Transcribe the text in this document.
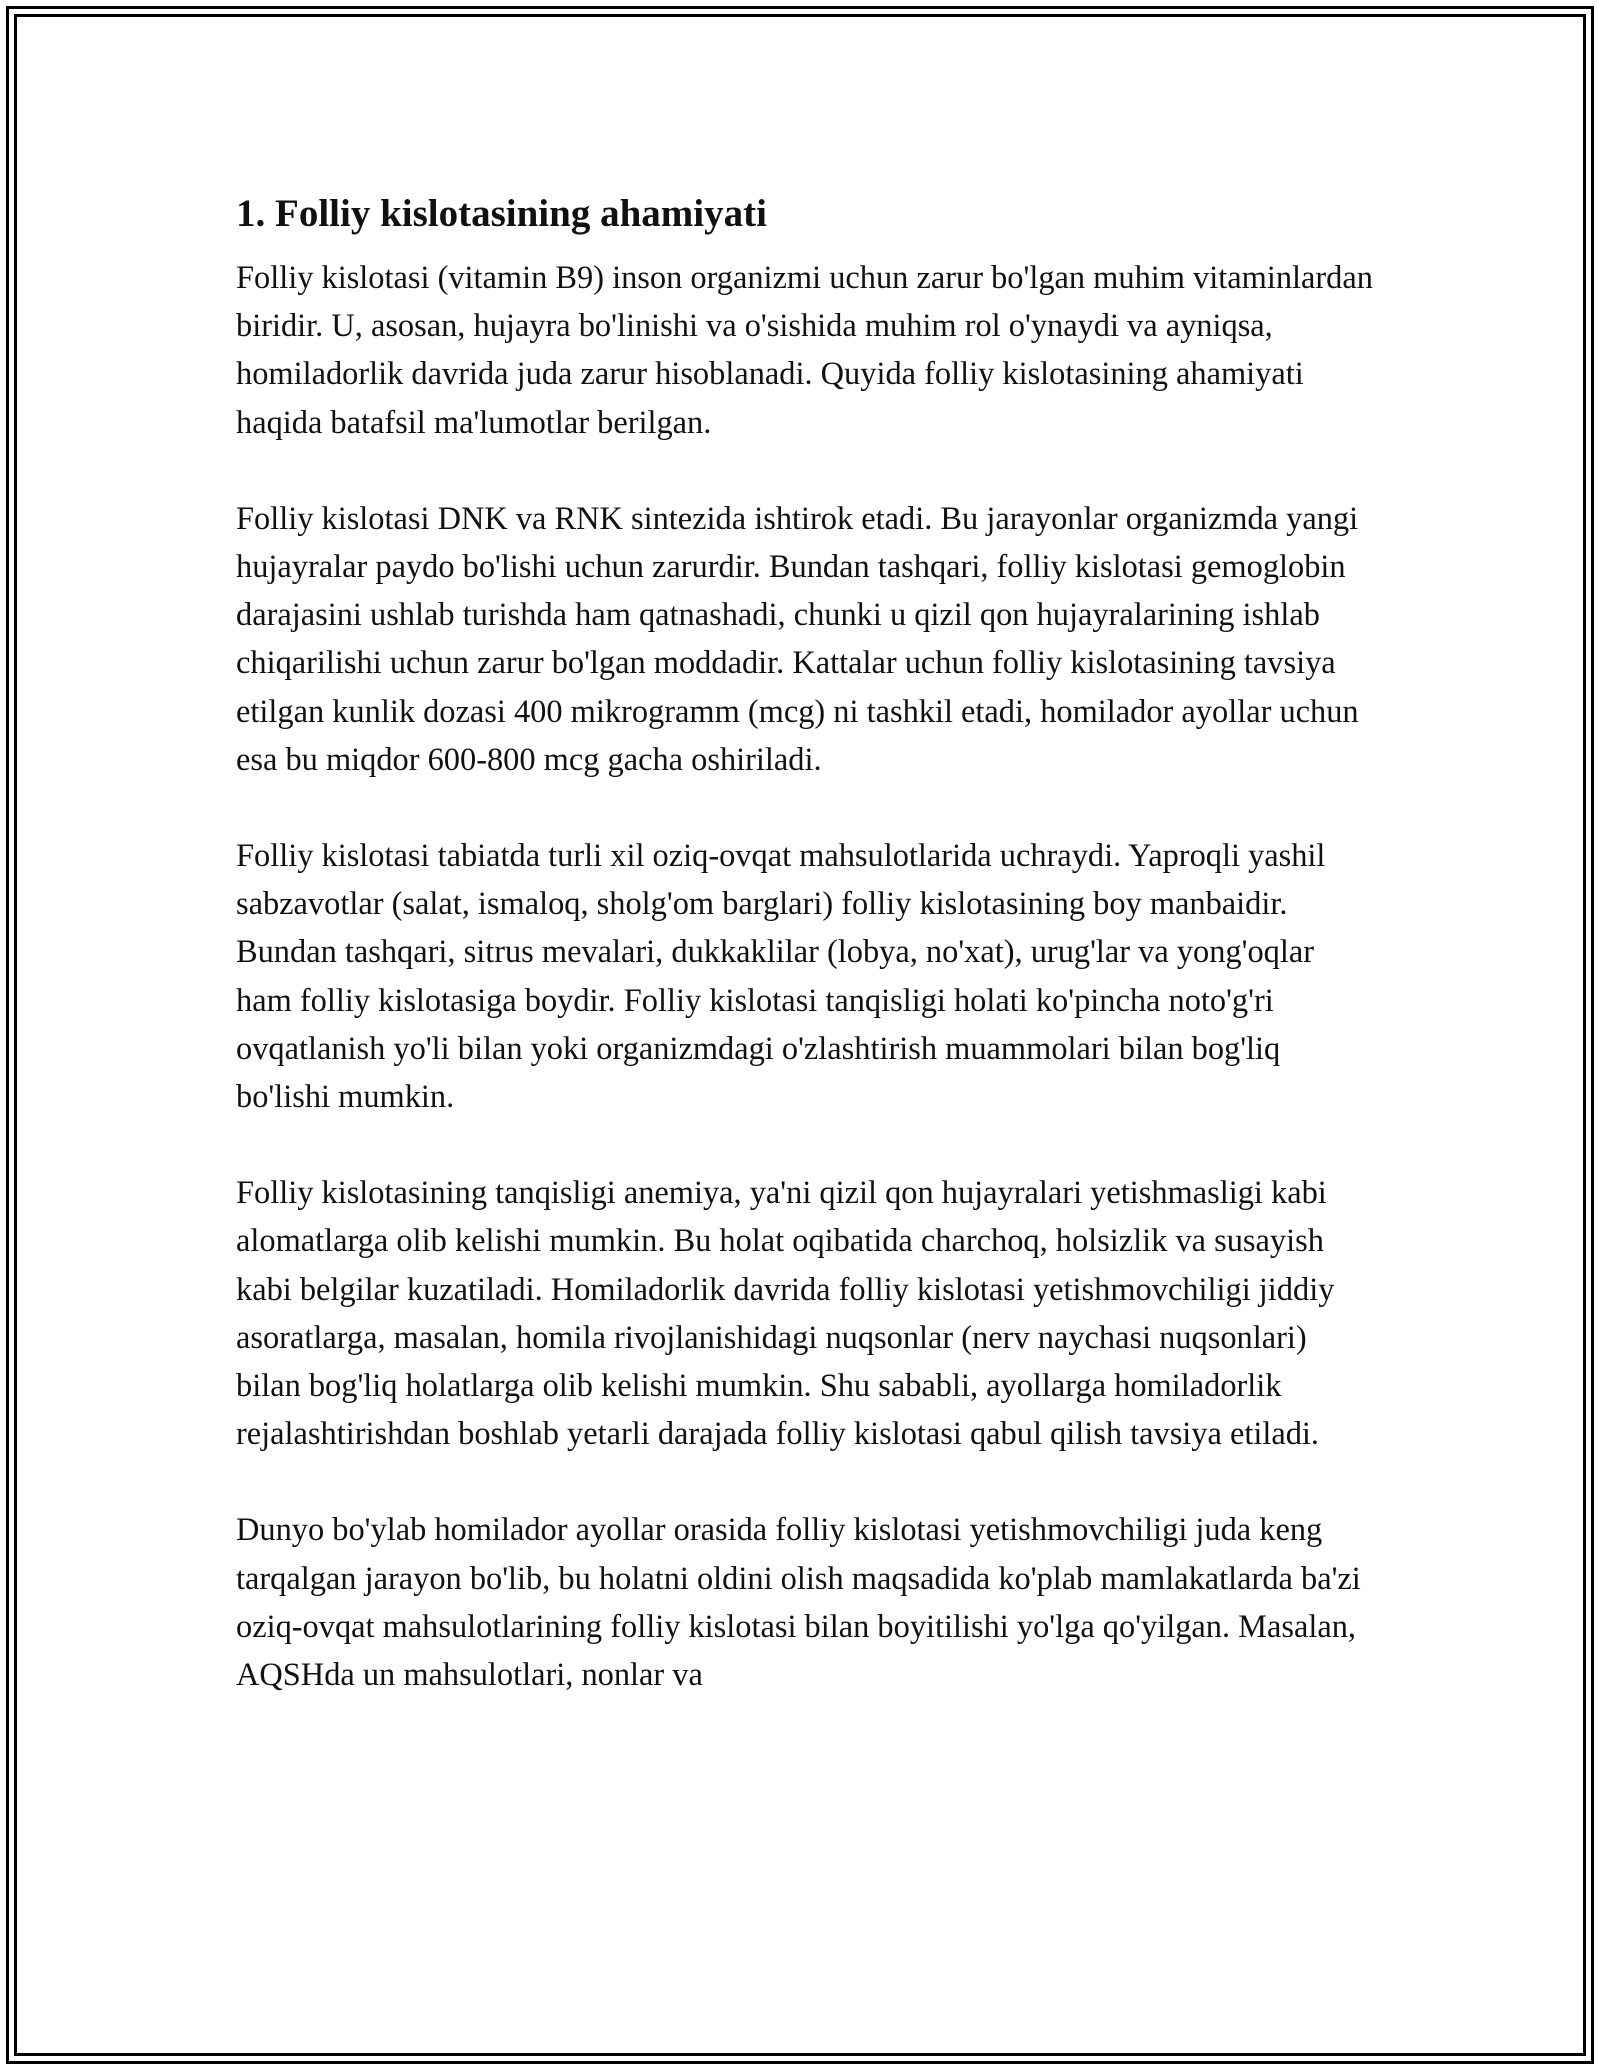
1. Folliy kislotasining ahamiyati

Folliy kislotasi (vitamin B9) inson organizmi uchun zarur bo'lgan muhim vitaminlardan biridir. U, asosan, hujayra bo'linishi va o'sishida muhim rol o'ynaydi va ayniqsa, homiladorlik davrida juda zarur hisoblanadi. Quyida folliy kislotasining ahamiyati haqida batafsil ma'lumotlar berilgan.

Folliy kislotasi DNK va RNK sintezida ishtirok etadi. Bu jarayonlar organizmda yangi hujayralar paydo bo'lishi uchun zarurdir. Bundan tashqari, folliy kislotasi gemoglobin darajasini ushlab turishda ham qatnashadi, chunki u qizil qon hujayralarining ishlab chiqarilishi uchun zarur bo'lgan moddadir. Kattalar uchun folliy kislotasining tavsiya etilgan kunlik dozasi 400 mikrogramm (mcg) ni tashkil etadi, homilador ayollar uchun esa bu miqdor 600-800 mcg gacha oshiriladi.

Folliy kislotasi tabiatda turli xil oziq-ovqat mahsulotlarida uchraydi. Yaproqli yashil sabzavotlar (salat, ismaloq, sholg'om barglari) folliy kislotasining boy manbaidir. Bundan tashqari, sitrus mevalari, dukkaklilar (lobya, no'xat), urug'lar va yong'oqlar ham folliy kislotasiga boydir. Folliy kislotasi tanqisligi holati ko'pincha noto'g'ri ovqatlanish yo'li bilan yoki organizmdagi o'zlashtirish muammolari bilan bog'liq bo'lishi mumkin.

Folliy kislotasining tanqisligi anemiya, ya'ni qizil qon hujayralari yetishmasligi kabi alomatlarga olib kelishi mumkin. Bu holat oqibatida charchoq, holsizlik va susayish kabi belgilar kuzatiladi. Homiladorlik davrida folliy kislotasi yetishmovchiligi jiddiy asoratlarga, masalan, homila rivojlanishidagi nuqsonlar (nerv naychasi nuqsonlari) bilan bog'liq holatlarga olib kelishi mumkin. Shu sababli, ayollarga homiladorlik rejalashtirishdan boshlab yetarli darajada folliy kislotasi qabul qilish tavsiya etiladi.

Dunyo bo'ylab homilador ayollar orasida folliy kislotasi yetishmovchiligi juda keng tarqalgan jarayon bo'lib, bu holatni oldini olish maqsadida ko'plab mamlakatlarda ba'zi oziq-ovqat mahsulotlarining folliy kislotasi bilan boyitilishi yo'lga qo'yilgan. Masalan, AQSHda un mahsulotlari, nonlar va
